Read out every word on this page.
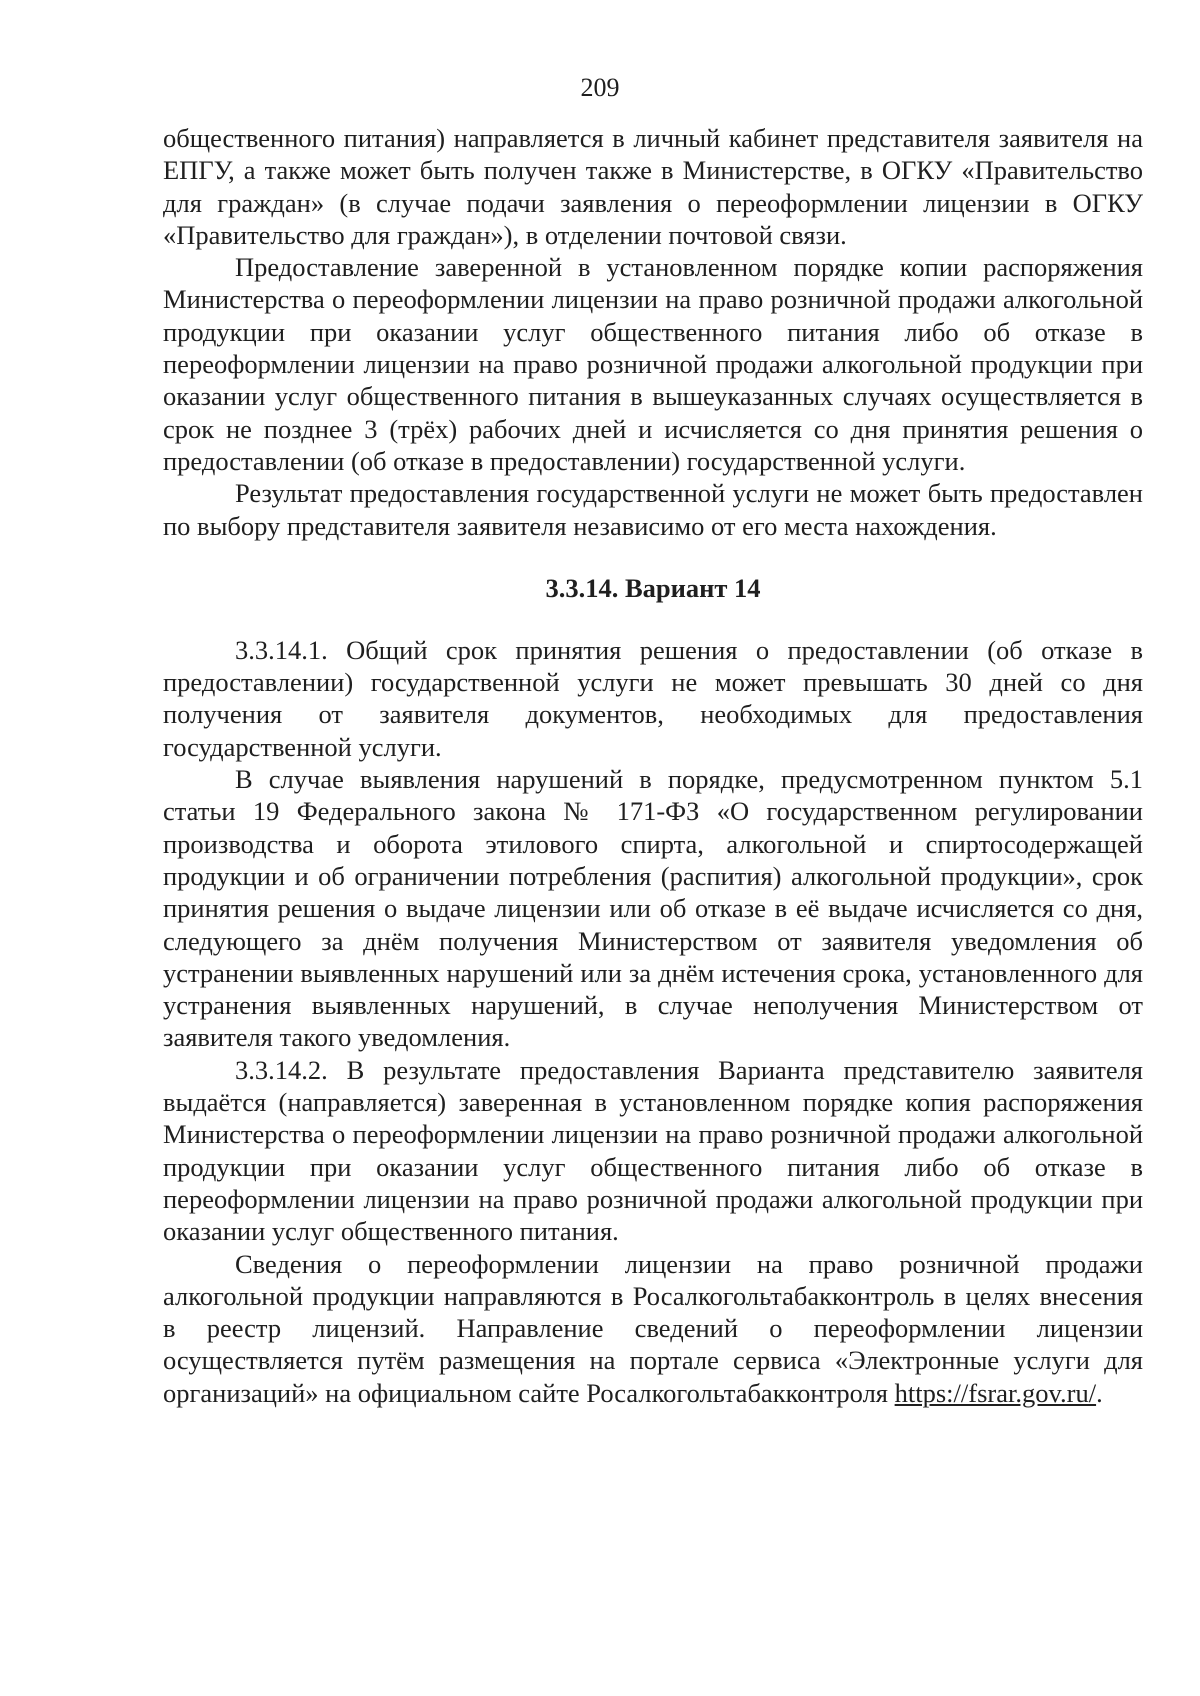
209

общественного питания) направляется в личный кабинет представителя заявителя на ЕПГУ, а также может быть получен также в Министерстве, в ОГКУ «Правительство для граждан» (в случае подачи заявления о переоформлении лицензии в ОГКУ «Правительство для граждан»), в отделении почтовой связи.

Предоставление заверенной в установленном порядке копии распоряжения Министерства о переоформлении лицензии на право розничной продажи алкогольной продукции при оказании услуг общественного питания либо об отказе в переоформлении лицензии на право розничной продажи алкогольной продукции при оказании услуг общественного питания в вышеуказанных случаях осуществляется в срок не позднее 3 (трёх) рабочих дней и исчисляется со дня принятия решения о предоставлении (об отказе в предоставлении) государственной услуги.

Результат предоставления государственной услуги не может быть предоставлен по выбору представителя заявителя независимо от его места нахождения.

3.3.14. Вариант 14

3.3.14.1. Общий срок принятия решения о предоставлении (об отказе в предоставлении) государственной услуги не может превышать 30 дней со дня получения от заявителя документов, необходимых для предоставления государственной услуги.

В случае выявления нарушений в порядке, предусмотренном пунктом 5.1 статьи 19 Федерального закона № 171-ФЗ «О государственном регулировании производства и оборота этилового спирта, алкогольной и спиртосодержащей продукции и об ограничении потребления (распития) алкогольной продукции», срок принятия решения о выдаче лицензии или об отказе в её выдаче исчисляется со дня, следующего за днём получения Министерством от заявителя уведомления об устранении выявленных нарушений или за днём истечения срока, установленного для устранения выявленных нарушений, в случае неполучения Министерством от заявителя такого уведомления.

3.3.14.2. В результате предоставления Варианта представителю заявителя выдаётся (направляется) заверенная в установленном порядке копия распоряжения Министерства о переоформлении лицензии на право розничной продажи алкогольной продукции при оказании услуг общественного питания либо об отказе в переоформлении лицензии на право розничной продажи алкогольной продукции при оказании услуг общественного питания.

Сведения о переоформлении лицензии на право розничной продажи алкогольной продукции направляются в Росалкогольтабакконтроль в целях внесения в реестр лицензий. Направление сведений о переоформлении лицензии осуществляется путём размещения на портале сервиса «Электронные услуги для организаций» на официальном сайте Росалкогольтабакконтроля https://fsrar.gov.ru/.
